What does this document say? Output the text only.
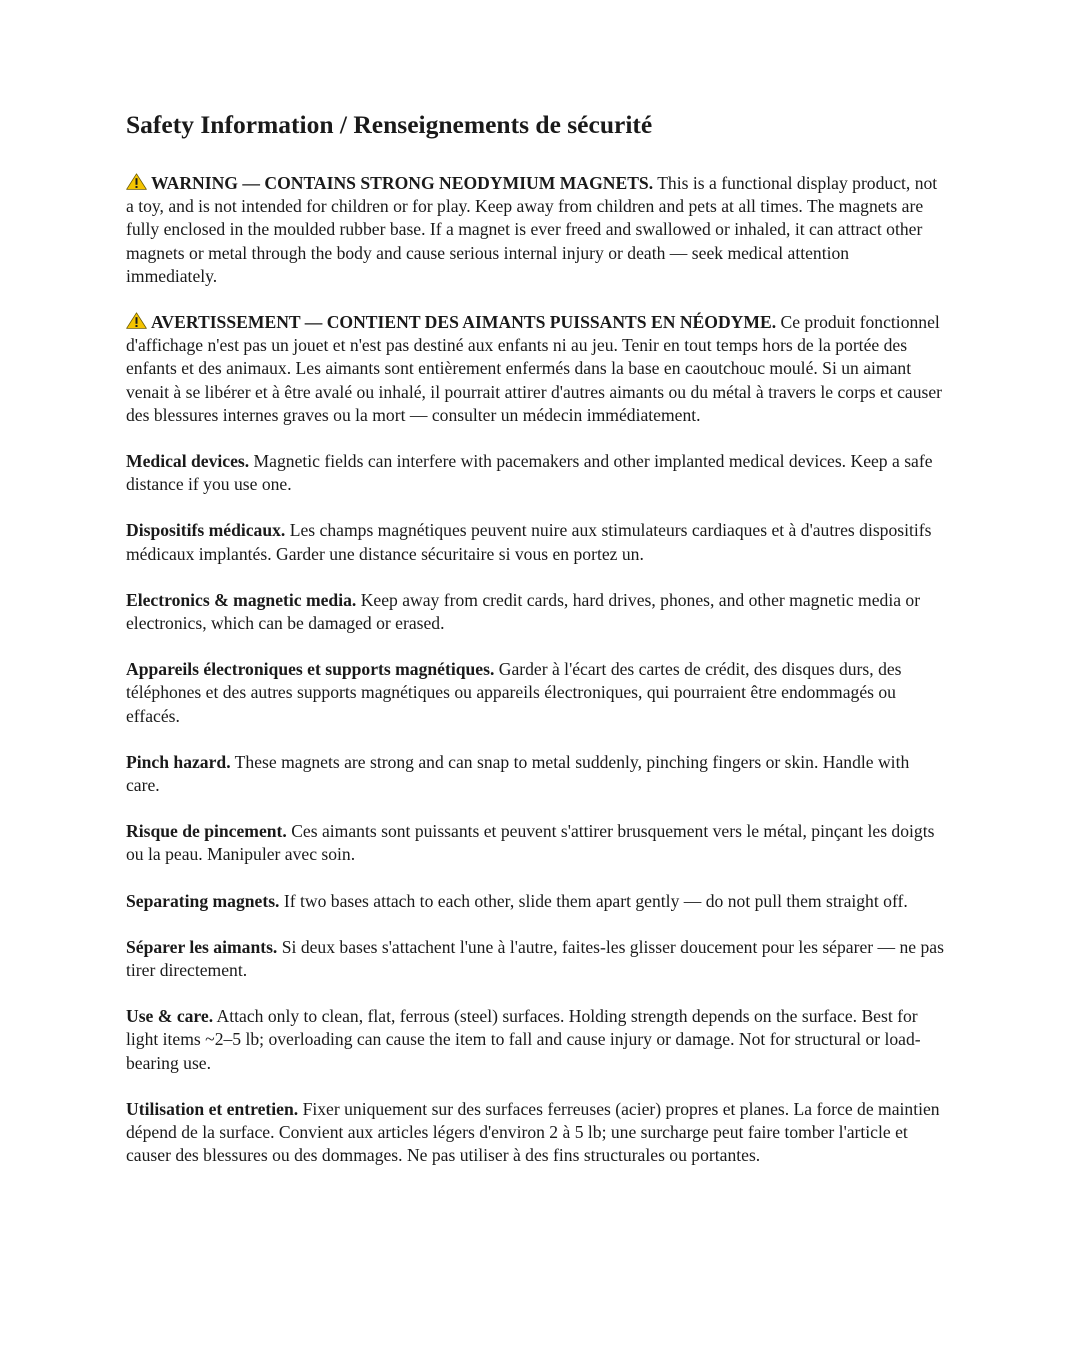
Safety Information / Renseignements de sécurité

WARNING — CONTAINS STRONG NEODYMIUM MAGNETS. This is a functional display product, not a toy, and is not intended for children or for play. Keep away from children and pets at all times. The magnets are fully enclosed in the moulded rubber base. If a magnet is ever freed and swallowed or inhaled, it can attract other magnets or metal through the body and cause serious internal injury or death — seek medical attention immediately.

AVERTISSEMENT — CONTIENT DES AIMANTS PUISSANTS EN NÉODYME. Ce produit fonctionnel d'affichage n'est pas un jouet et n'est pas destiné aux enfants ni au jeu. Tenir en tout temps hors de la portée des enfants et des animaux. Les aimants sont entièrement enfermés dans la base en caoutchouc moulé. Si un aimant venait à se libérer et à être avalé ou inhalé, il pourrait attirer d'autres aimants ou du métal à travers le corps et causer des blessures internes graves ou la mort — consulter un médecin immédiatement.

Medical devices. Magnetic fields can interfere with pacemakers and other implanted medical devices. Keep a safe distance if you use one.

Dispositifs médicaux. Les champs magnétiques peuvent nuire aux stimulateurs cardiaques et à d'autres dispositifs médicaux implantés. Garder une distance sécuritaire si vous en portez un.

Electronics & magnetic media. Keep away from credit cards, hard drives, phones, and other magnetic media or electronics, which can be damaged or erased.

Appareils électroniques et supports magnétiques. Garder à l'écart des cartes de crédit, des disques durs, des téléphones et des autres supports magnétiques ou appareils électroniques, qui pourraient être endommagés ou effacés.

Pinch hazard. These magnets are strong and can snap to metal suddenly, pinching fingers or skin. Handle with care.

Risque de pincement. Ces aimants sont puissants et peuvent s'attirer brusquement vers le métal, pinçant les doigts ou la peau. Manipuler avec soin.

Separating magnets. If two bases attach to each other, slide them apart gently — do not pull them straight off.

Séparer les aimants. Si deux bases s'attachent l'une à l'autre, faites-les glisser doucement pour les séparer — ne pas tirer directement.

Use & care. Attach only to clean, flat, ferrous (steel) surfaces. Holding strength depends on the surface. Best for light items ~2–5 lb; overloading can cause the item to fall and cause injury or damage. Not for structural or load-bearing use.

Utilisation et entretien. Fixer uniquement sur des surfaces ferreuses (acier) propres et planes. La force de maintien dépend de la surface. Convient aux articles légers d'environ 2 à 5 lb; une surcharge peut faire tomber l'article et causer des blessures ou des dommages. Ne pas utiliser à des fins structurales ou portantes.
